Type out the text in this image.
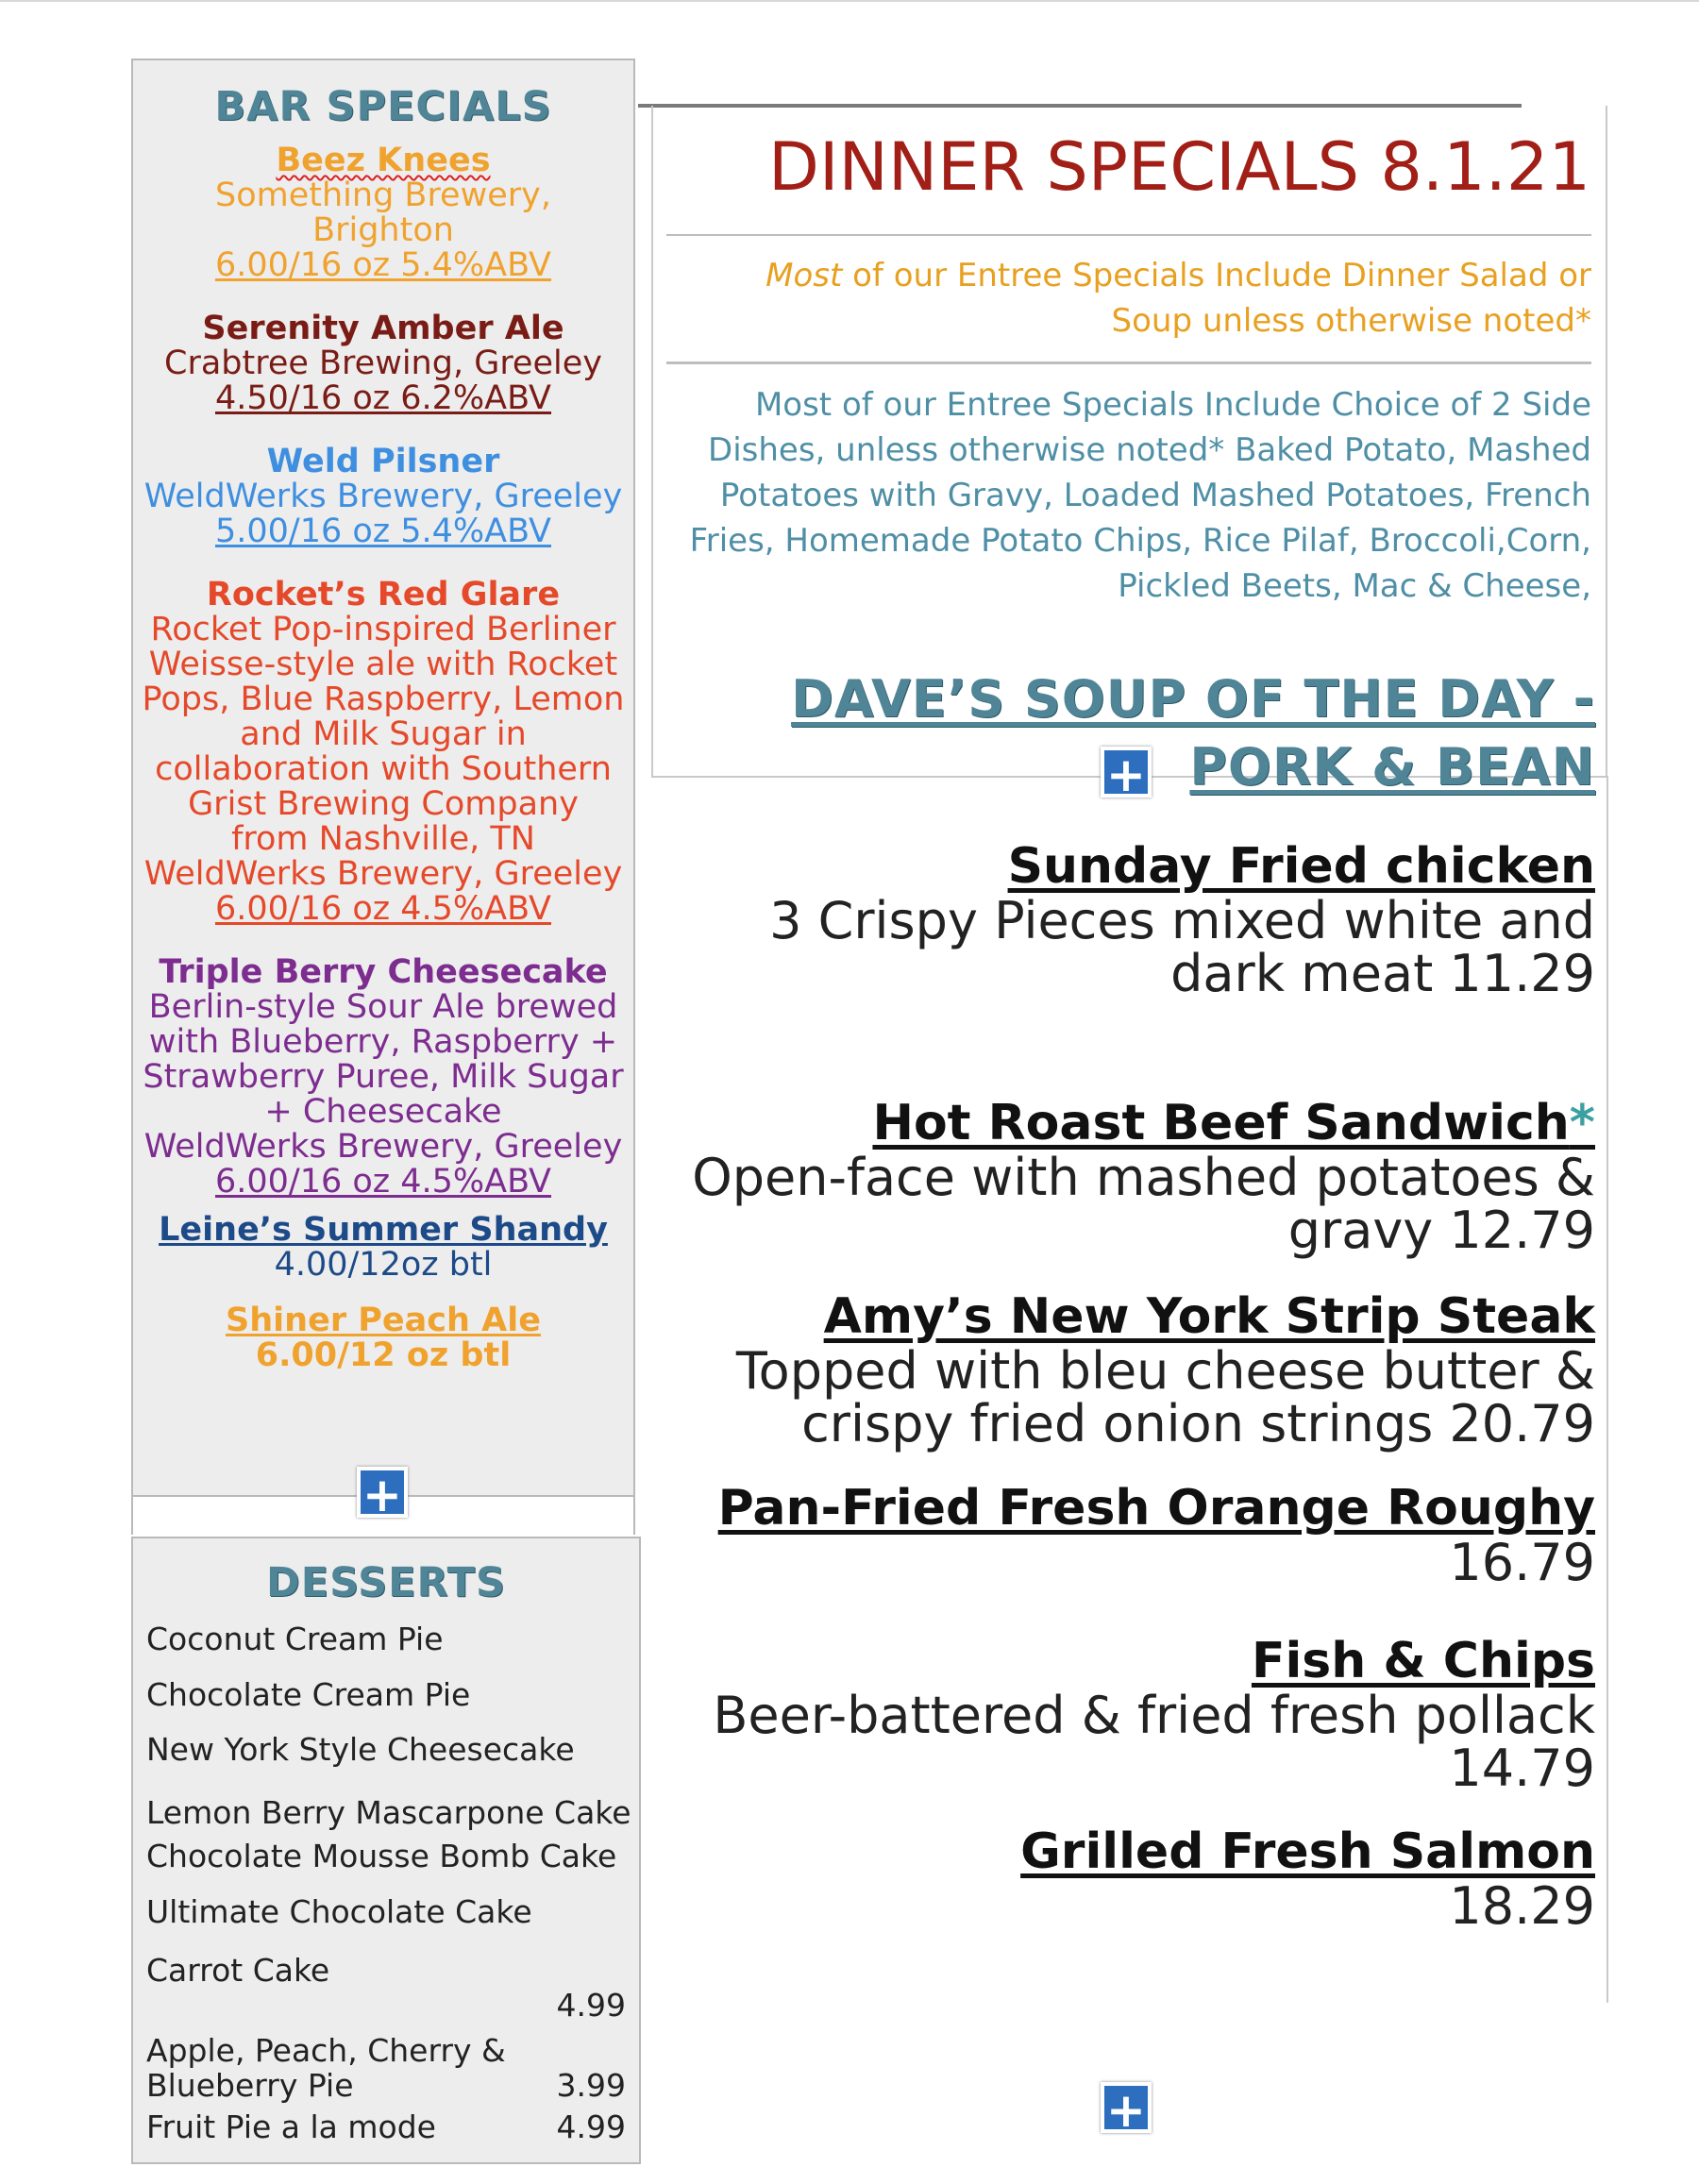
BAR SPECIALS
Beez Knees
Something Brewery,
Brighton
6.00/16 oz 5.4%ABV
Serenity Amber Ale
Crabtree Brewing, Greeley
4.50/16 oz 6.2%ABV
Weld Pilsner
WeldWerks Brewery, Greeley
5.00/16 oz 5.4%ABV
Rocket’s Red Glare
Rocket Pop-inspired Berliner
Weisse-style ale with Rocket
Pops, Blue Raspberry, Lemon
and Milk Sugar in
collaboration with Southern
Grist Brewing Company
from Nashville, TN
WeldWerks Brewery, Greeley
6.00/16 oz 4.5%ABV
Triple Berry Cheesecake
Berlin-style Sour Ale brewed
with Blueberry, Raspberry +
Strawberry Puree, Milk Sugar
+ Cheesecake
WeldWerks Brewery, Greeley
6.00/16 oz 4.5%ABV
Leine’s Summer Shandy
4.00/12oz btl
Shiner Peach Ale
6.00/12 oz btl
+
DESSERTS
Coconut Cream Pie
Chocolate Cream Pie
New York Style Cheesecake
Lemon Berry Mascarpone Cake
Chocolate Mousse Bomb Cake
Ultimate Chocolate Cake
Carrot Cake
4.99
Apple, Peach, Cherry &
Blueberry Pie	3.99
Fruit Pie a la mode	4.99
DINNER SPECIALS 8.1.21
Most of our Entree Specials Include Dinner Salad or Soup unless otherwise noted*
Most of our Entree Specials Include Choice of 2 Side Dishes, unless otherwise noted* Baked Potato, Mashed Potatoes with Gravy, Loaded Mashed Potatoes, French Fries, Homemade Potato Chips, Rice Pilaf, Broccoli,Corn, Pickled Beets, Mac & Cheese,
DAVE’S SOUP OF THE DAY - PORK & BEAN
+
Sunday Fried chicken
3 Crispy Pieces mixed white and dark meat 11.29
Hot Roast Beef Sandwich*
Open-face with mashed potatoes & gravy 12.79
Amy’s New York Strip Steak
Topped with bleu cheese butter & crispy fried onion strings 20.79
Pan-Fried Fresh Orange Roughy
16.79
Fish & Chips
Beer-battered & fried fresh pollack 14.79
Grilled Fresh Salmon
18.29
+
